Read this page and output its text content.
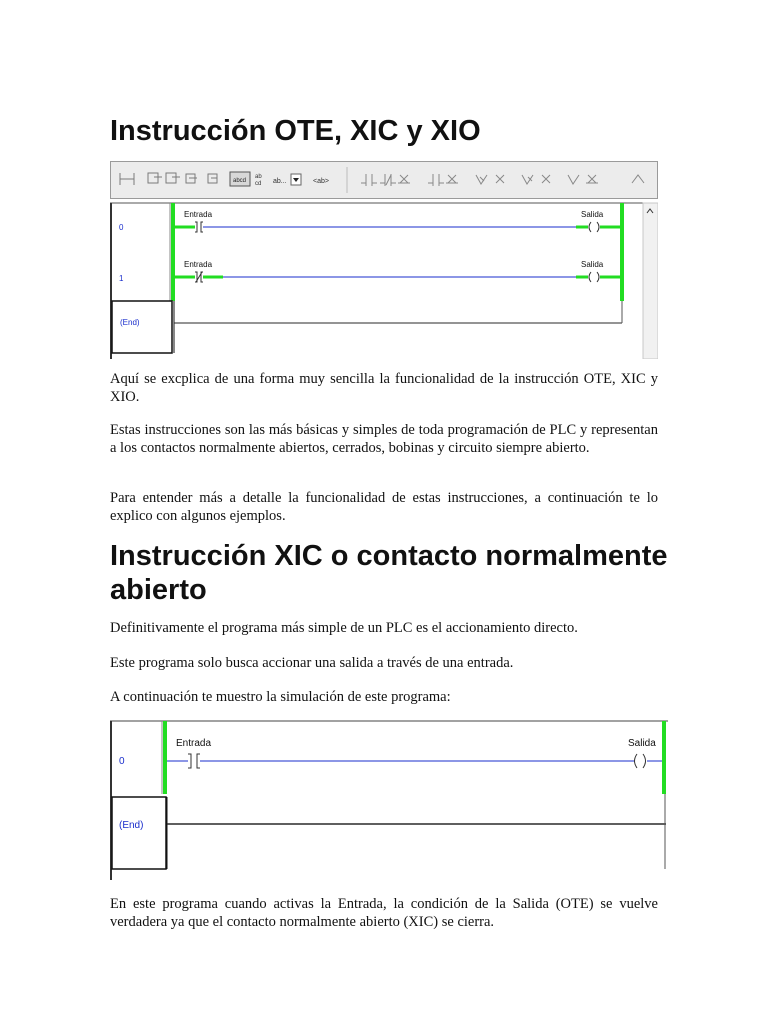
Instrucción OTE, XIC y XIO
abcd
ab
cd ab...	<ab>
0
Entrada	Salida
1
Entrada	Salida
(End)

Aquí se excplica de una forma muy sencilla la funcionalidad de la instrucción OTE, XIC y XIO.

Estas instrucciones son las más básicas y simples de toda programación de PLC y representan a los contactos normalmente abiertos, cerrados, bobinas y circuito siempre abierto.

Para entender más a detalle la funcionalidad de estas instrucciones, a continuación te lo explico con algunos ejemplos.

Instrucción XIC o contacto normalmente abierto

Definitivamente el programa más simple de un PLC es el accionamiento directo.

Este programa solo busca accionar una salida a través de una entrada.

A continuación te muestro la simulación de este programa:

0
Entrada	Salida
(End)

En este programa cuando activas la Entrada, la condición de la Salida (OTE) se vuelve verdadera ya que el contacto normalmente abierto (XIC) se cierra.
